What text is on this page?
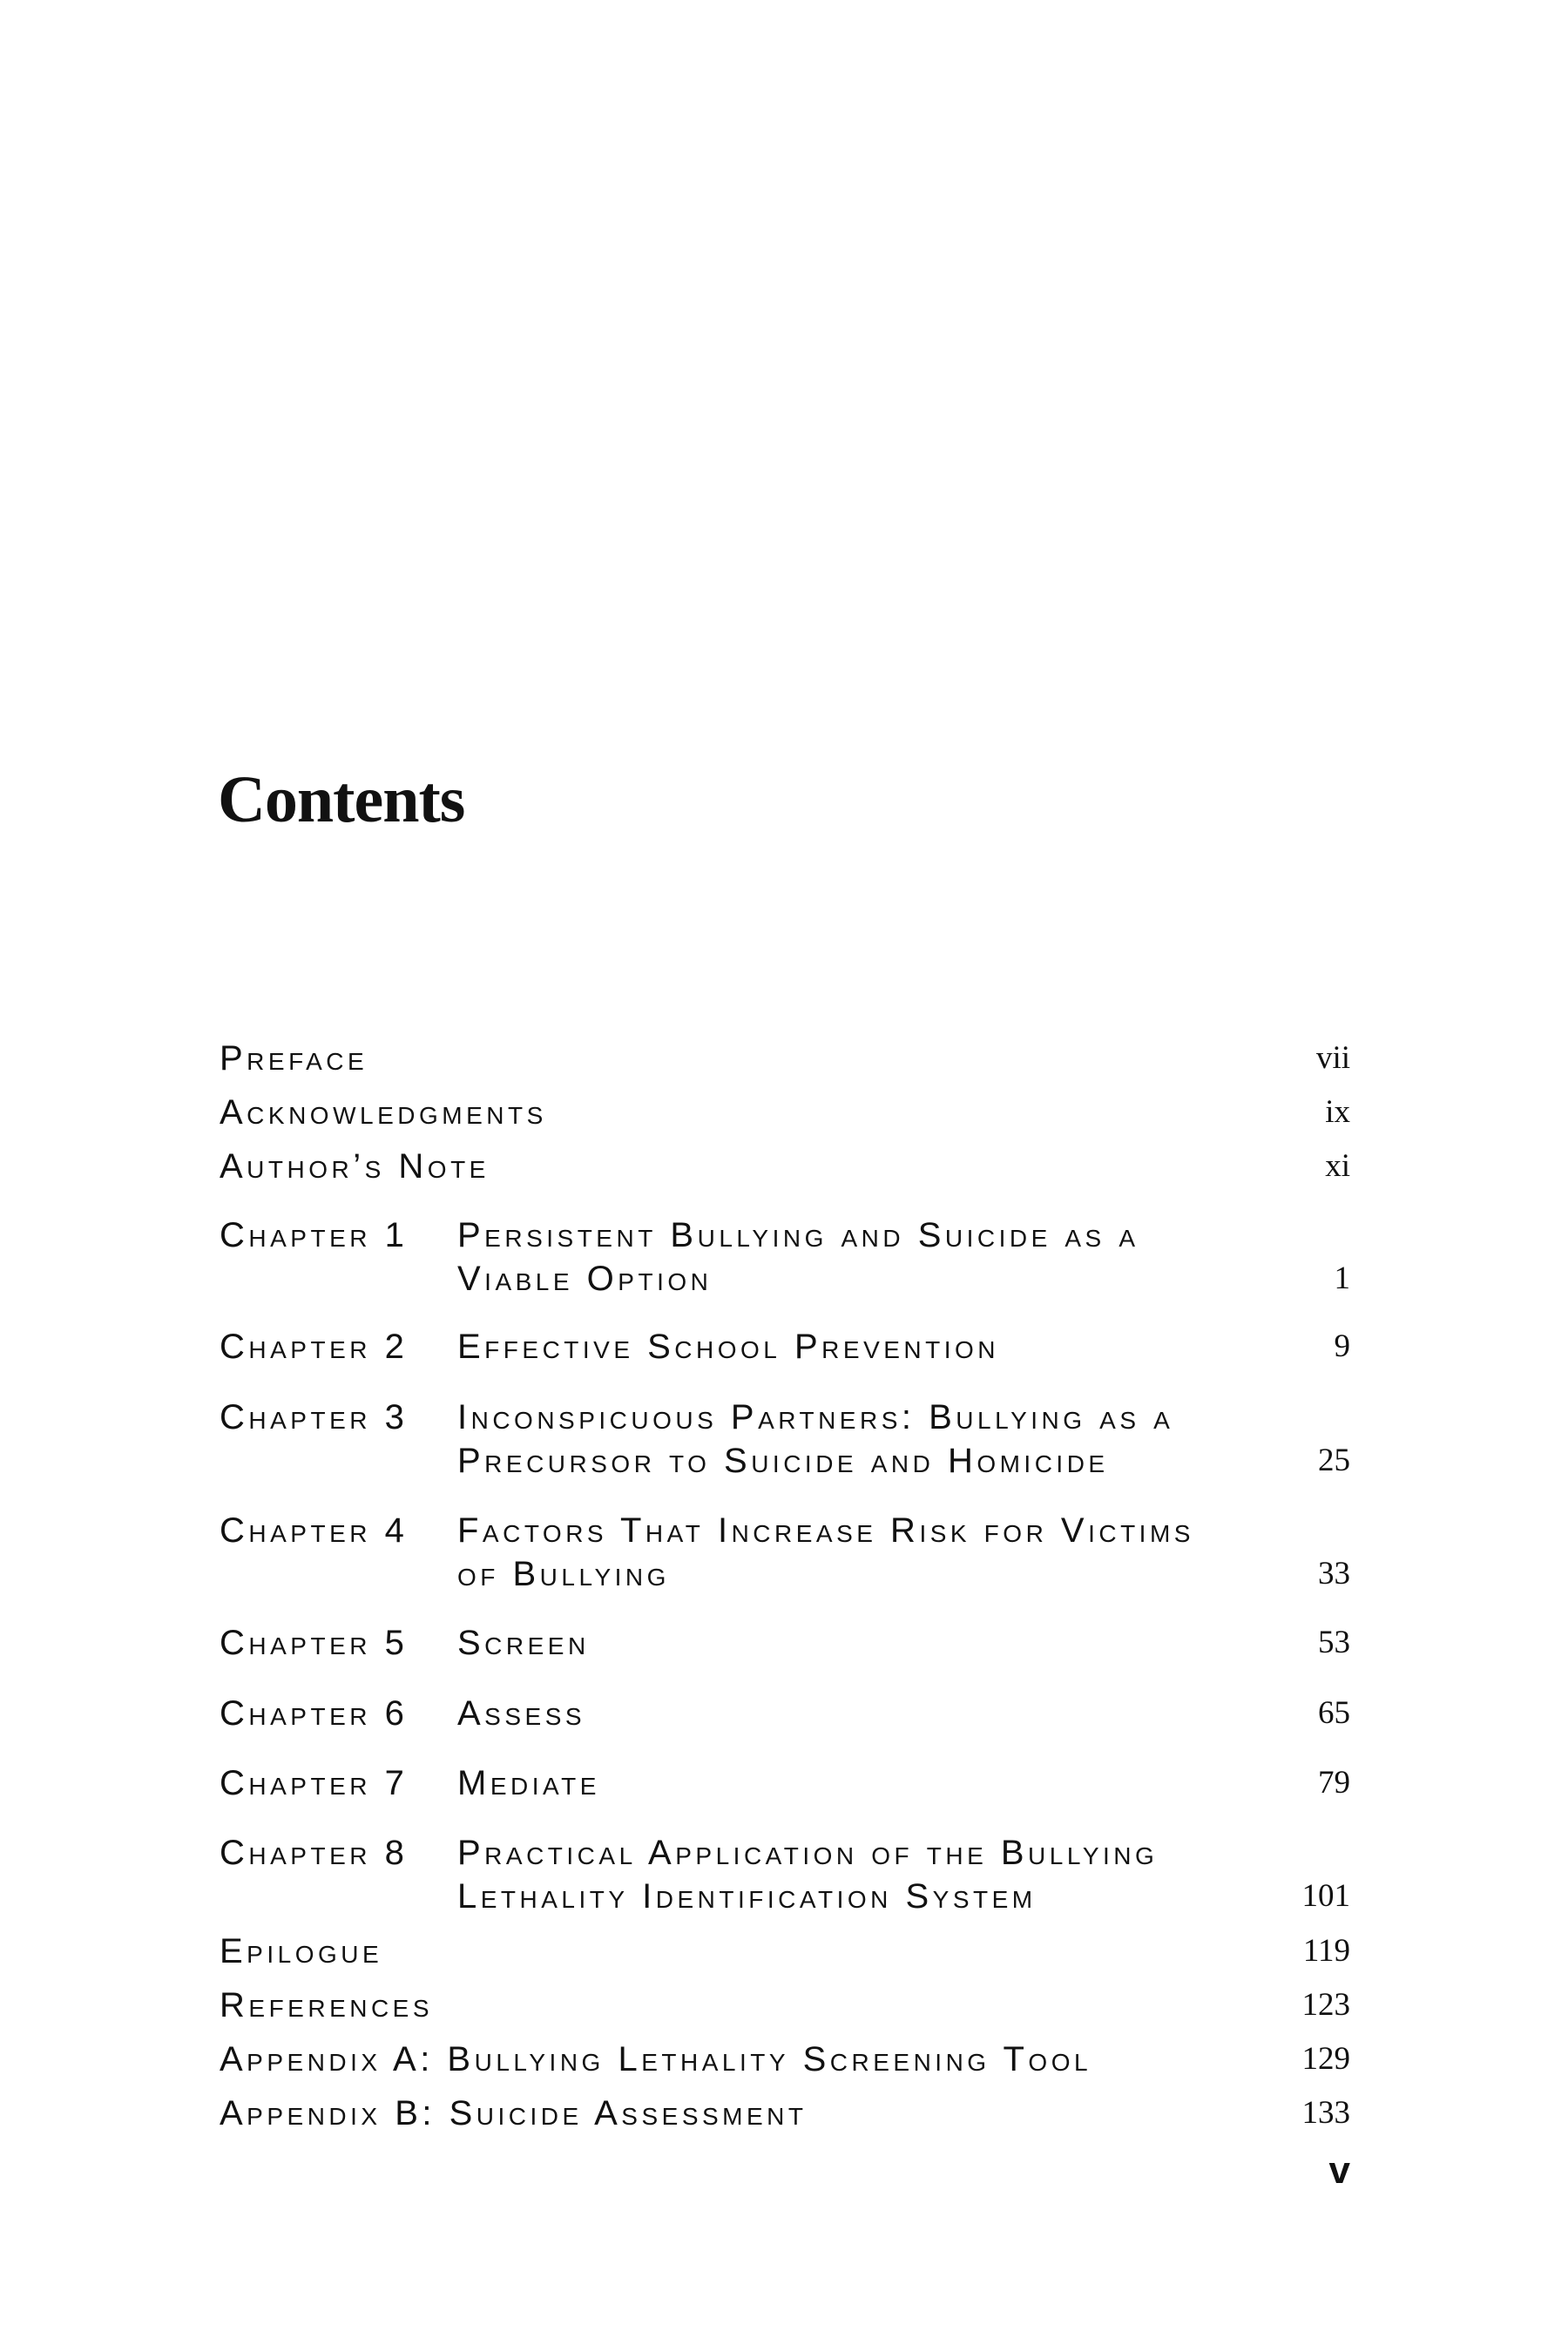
Contents
Preface	vii
Acknowledgments	ix
Author’s Note	xi
Chapter 1 Persistent Bullying and Suicide as a
Viable Option	1
Chapter 2 Effective School Prevention	9
Chapter 3 Inconspicuous Partners: Bullying as a
Precursor to Suicide and Homicide	25
Chapter 4 Factors That Increase Risk for Victims
of Bullying	33
Chapter 5 Screen	53
Chapter 6 Assess	65
Chapter 7 Mediate	79
Chapter 8 Practical Application of the Bullying
Lethality Identification System	101
Epilogue	119
References	123
Appendix A: Bullying Lethality Screening Tool	129
Appendix B: Suicide Assessment	133
v
